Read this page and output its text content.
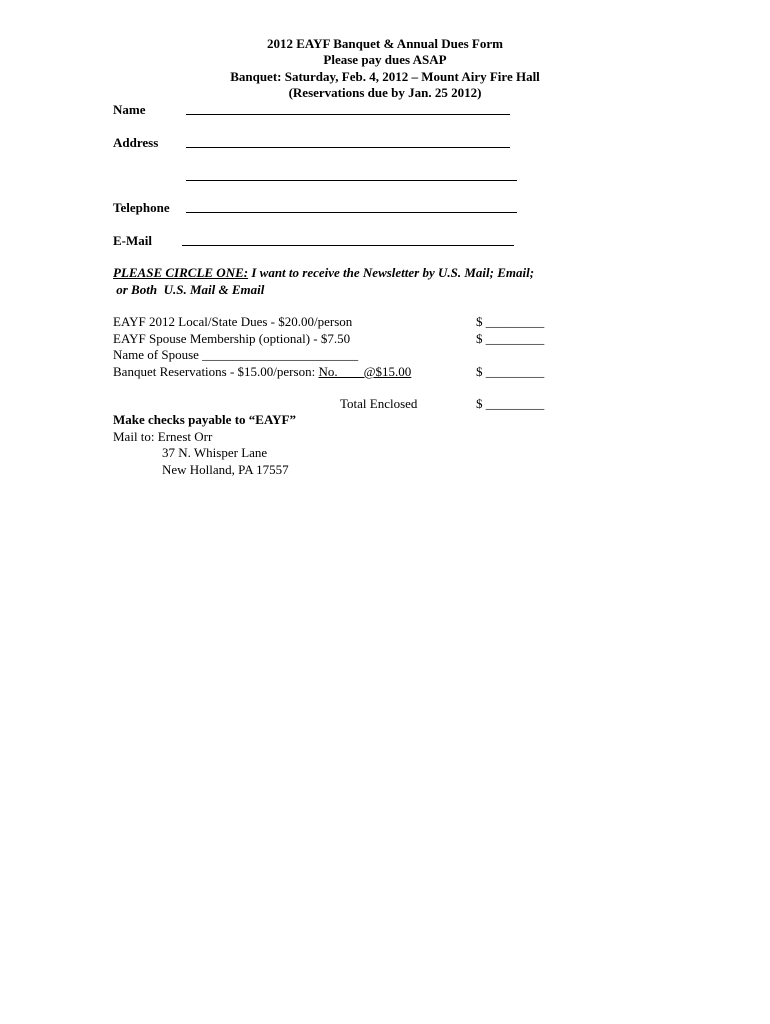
2012 EAYF Banquet & Annual Dues Form
Please pay dues ASAP
Banquet: Saturday, Feb. 4, 2012 – Mount Airy Fire Hall
(Reservations due by Jan. 25 2012)
Name
Address
Telephone
E-Mail
PLEASE CIRCLE ONE: I want to receive the Newsletter by U.S. Mail; Email;
or Both  U.S. Mail & Email
EAYF 2012 Local/State Dues - $20.00/person	$ _________
EAYF Spouse Membership (optional) - $7.50	$ _________
Name of Spouse ________________________
Banquet Reservations - $15.00/person: No.        @$15.00	$ _________
Total Enclosed	$ _________
Make checks payable to “EAYF”
Mail to: Ernest Orr
37 N. Whisper Lane
New Holland, PA 17557
